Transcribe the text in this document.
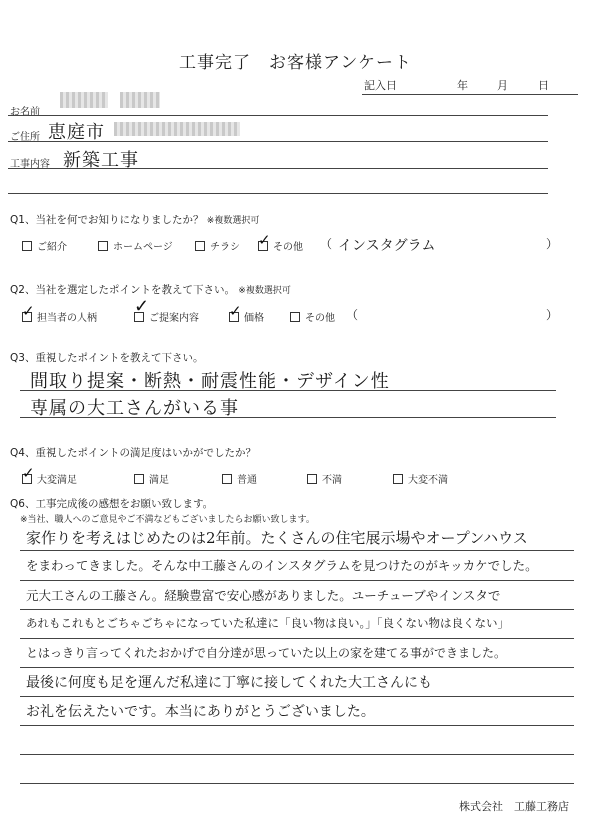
工事完了　お客様アンケート
記入日	年	月	日
お名前
ご住所 恵庭市
工事内容 新築工事
Q1、当社を何でお知りになりましたか？ ※複数選択可
ご紹介	ホームページ	チラシ ✓ その他 （ インスタグラム	）
Q2、当社を選定したポイントを教えて下さい。 ※複数選択可
✓ 担当者の人柄
✓
ご提案内容 ✓ 価格	その他 （	）
Q3、重視したポイントを教えて下さい。
間取り提案・断熱・耐震性能・デザイン性
専属の大工さんがいる事
Q4、重視したポイントの満足度はいかがでしたか？
✓ 大変満足	満足	普通	不満	大変不満
Q6、工事完成後の感想をお願い致します。
※当社、職人へのご意見やご不満などもございましたらお願い致します。
家作りを考えはじめたのは2年前。たくさんの住宅展示場やオープンハウス
をまわってきました。そんな中工藤さんのインスタグラムを見つけたのがキッカケでした。
元大工さんの工藤さん。経験豊富で安心感がありました。ユーチューブやインスタで
あれもこれもとごちゃごちゃになっていた私達に「良い物は良い。」「良くない物は良くない」
とはっきり言ってくれたおかげで自分達が思っていた以上の家を建てる事ができました。
最後に何度も足を運んだ私達に丁寧に接してくれた大工さんにも
お礼を伝えたいです。本当にありがとうございました。
株式会社　工藤工務店
